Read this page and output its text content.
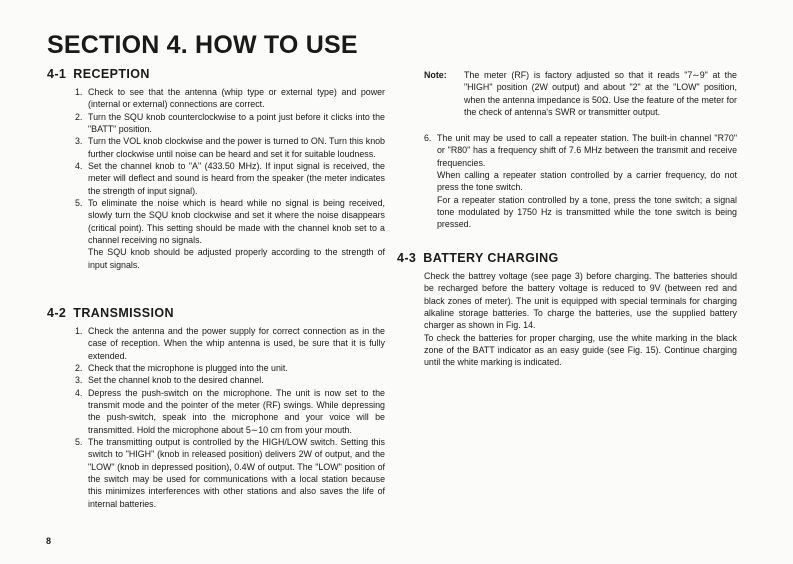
SECTION 4. HOW TO USE
4-1 RECEPTION
1. Check to see that the antenna (whip type or external type) and power (internal or external) connections are correct.

2. Turn the SQU knob counterclockwise to a point just before it clicks into the "BATT" position.

3. Turn the VOL knob clockwise and the power is turned to ON. Turn this knob further clockwise until noise can be heard and set it for suitable loudness.

4. Set the channel knob to "A" (433.50 MHz). If input signal is received, the meter will deflect and sound is heard from the speaker (the meter indicates the strength of input signal).

5. To eliminate the noise which is heard while no signal is being received, slowly turn the SQU knob clockwise and set it where the noise disappears (critical point). This setting should be made with the channel knob set to a channel receiving no signals.

The SQU knob should be adjusted properly according to the strength of input signals.

4-2 TRANSMISSION
1. Check the antenna and the power supply for correct connection as in the case of reception. When the whip antenna is used, be sure that it is fully extended.

2. Check that the microphone is plugged into the unit.

3. Set the channel knob to the desired channel.

4. Depress the push-switch on the microphone. The unit is now set to the transmit mode and the pointer of the meter (RF) swings. While depressing the push-switch, speak into the microphone and your voice will be transmitted. Hold the microphone about 5∼10 cm from your mouth.

5. The transmitting output is controlled by the HIGH/LOW switch. Setting this switch to "HIGH" (knob in released position) delivers 2W of output, and the "LOW" (knob in depressed position), 0.4W of output. The "LOW" position of the switch may be used for communications with a local station because this minimizes interferences with other stations and also saves the life of internal batteries.

Note: The meter (RF) is factory adjusted so that it reads "7∼9" at the "HIGH" position (2W output) and about "2" at the "LOW" position, when the antenna impedance is 50Ω. Use the feature of the meter for the check of antenna's SWR or transmitter output.

6. The unit may be used to call a repeater station. The built-in channel "R70" or "R80" has a frequency shift of 7.6 MHz between the transmit and receive frequencies.

When calling a repeater station controlled by a carrier frequency, do not press the tone switch.

For a repeater station controlled by a tone, press the tone switch; a signal tone modulated by 1750 Hz is transmitted while the tone switch is being pressed.

4-3 BATTERY CHARGING

Check the battrey voltage (see page 3) before charging. The batteries should be recharged before the battery voltage is reduced to 9V (between red and black zones of meter). The unit is equipped with special terminals for charging alkaline storage batteries. To charge the batteries, use the supplied battery charger as shown in Fig. 14.

To check the batteries for proper charging, use the white marking in the black zone of the BATT indicator as an easy guide (see Fig. 15). Continue charging until the white marking is indicated.

8
